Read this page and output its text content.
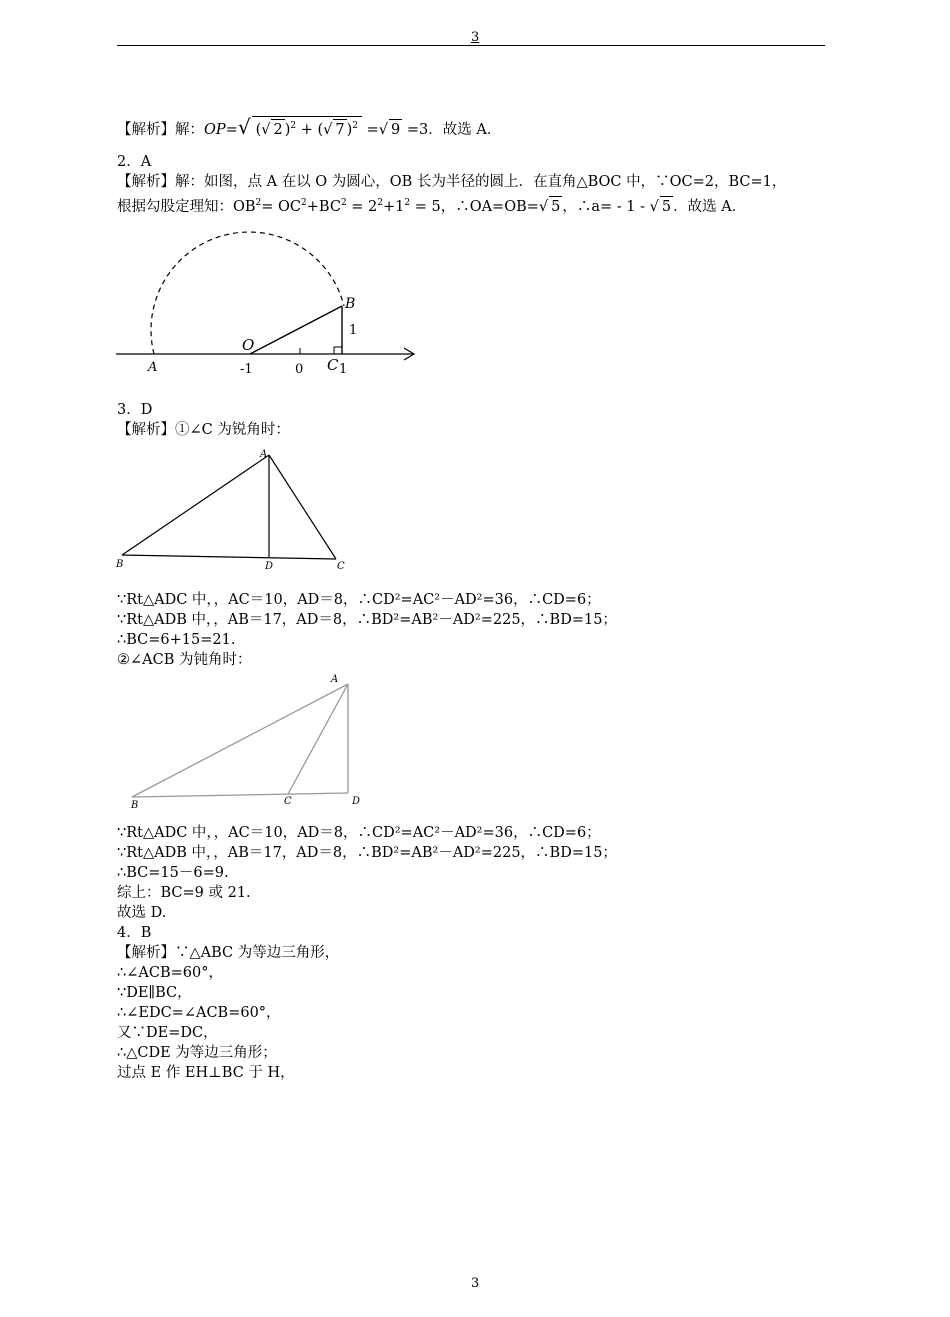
3
【解析】解：OP=√ (√ 2 )$^2$ + (√ 7 )$^2$ =√ 9 =3．故选 A．
2．A
【解析】解：如图，点 A 在以 O 为圆心，OB 长为半径的圆上．在直角△BOC 中，∵OC=2，BC=1，
根据勾股定理知：$OB^2= OC^2+BC^2 = 2^2+1^2 = 5$，∴OA=OB=√ 5 ，∴a= - 1 - √ 5 ．故选 A．
B
O
A	C
1
-1	0	1
3．D
【解析】①∠C 为锐角时：
A
B	D	C
∵Rt△ADC 中，，AC＝10，AD＝8，∴CD²=AC²－AD²=36，∴CD=6；
∵Rt△ADB 中，，AB＝17，AD＝8，∴BD²=AB²－AD²=225，∴BD=15；
∴BC=6+15=21.
②∠ACB 为钝角时：
A
B	C	D
∵Rt△ADC 中，，AC＝10，AD＝8，∴CD²=AC²－AD²=36，∴CD=6；
∵Rt△ADB 中，，AB＝17，AD＝8，∴BD²=AB²－AD²=225，∴BD=15；
∴BC=15－6=9.
综上：BC=9 或 21.
故选 D.
4．B
【解析】∵△ABC 为等边三角形，
∴∠ACB=60°，
∵DE∥BC，
∴∠EDC=∠ACB=60°，
又∵DE=DC，
∴△CDE 为等边三角形；
过点 E 作 EH⊥BC 于 H，
3
